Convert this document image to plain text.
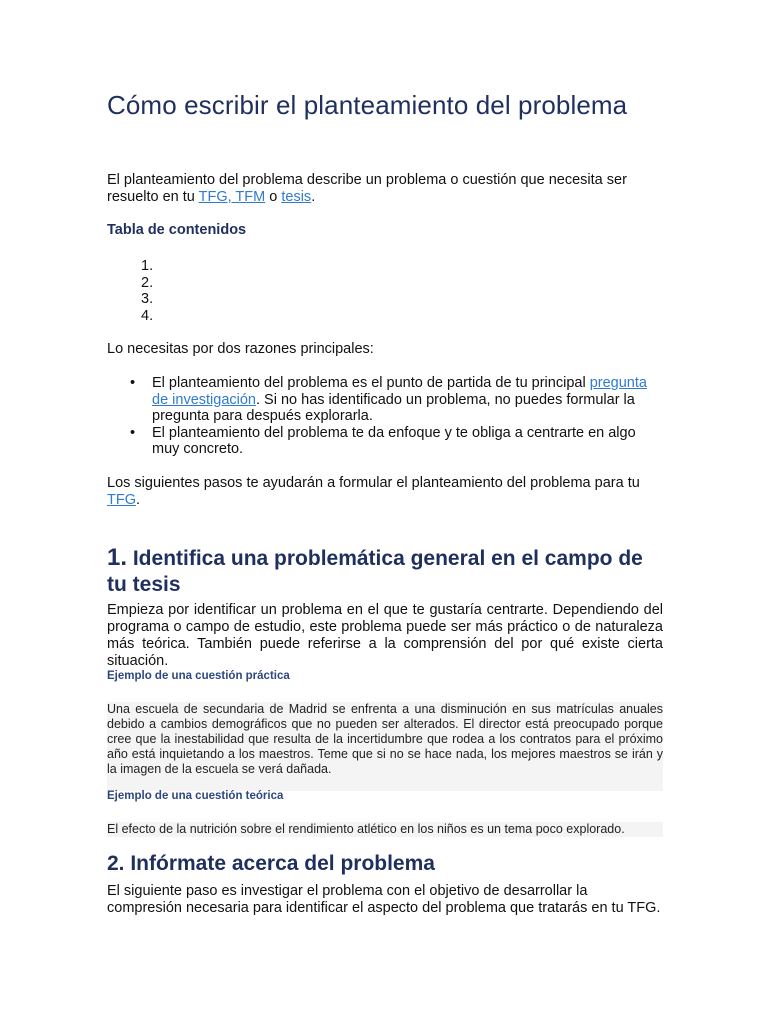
Cómo escribir el planteamiento del problema

El planteamiento del problema describe un problema o cuestión que necesita ser resuelto en tu TFG, TFM o tesis.

Tabla de contenidos
1.
2.
3.
4.

Lo necesitas por dos razones principales:

• El planteamiento del problema es el punto de partida de tu principal pregunta de investigación. Si no has identificado un problema, no puedes formular la pregunta para después explorarla.
• El planteamiento del problema te da enfoque y te obliga a centrarte en algo muy concreto.

Los siguientes pasos te ayudarán a formular el planteamiento del problema para tu TFG.

1. Identifica una problemática general en el campo de tu tesis

Empieza por identificar un problema en el que te gustaría centrarte. Dependiendo del programa o campo de estudio, este problema puede ser más práctico o de naturaleza más teórica. También puede referirse a la comprensión del por qué existe cierta situación.

Ejemplo de una cuestión práctica

Una escuela de secundaria de Madrid se enfrenta a una disminución en sus matrículas anuales debido a cambios demográficos que no pueden ser alterados. El director está preocupado porque cree que la inestabilidad que resulta de la incertidumbre que rodea a los contratos para el próximo año está inquietando a los maestros. Teme que si no se hace nada, los mejores maestros se irán y la imagen de la escuela se verá dañada.

Ejemplo de una cuestión teórica

El efecto de la nutrición sobre el rendimiento atlético en los niños es un tema poco explorado.

2. Infórmate acerca del problema

El siguiente paso es investigar el problema con el objetivo de desarrollar la compresión necesaria para identificar el aspecto del problema que tratarás en tu TFG.
